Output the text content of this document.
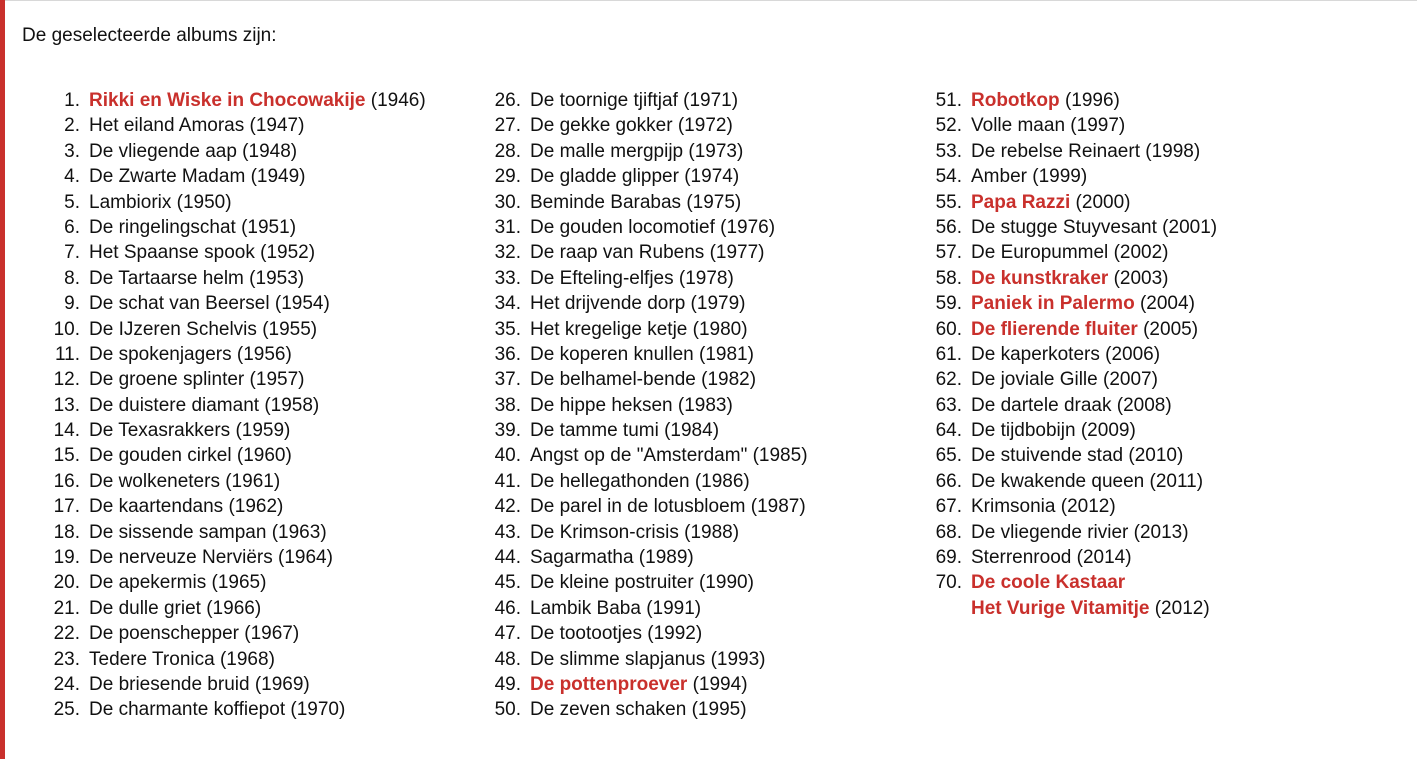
De geselecteerde albums zijn:
1. Rikki en Wiske in Chocowakije
(1946)
2. Het eiland Amoras
(1947)
3. De vliegende aap
(1948)
4. De Zwarte Madam
(1949)
5. Lambiorix
(1950)
6. De ringelingschat
(1951)
7. Het Spaanse spook
(1952)
8. De Tartaarse helm
(1953)
9. De schat van Beersel
(1954)
10. De IJzeren Schelvis
(1955)
11. De spokenjagers
(1956)
12. De groene splinter
(1957)
13. De duistere diamant
(1958)
14. De Texasrakkers
(1959)
15. De gouden cirkel
(1960)
16. De wolkeneters
(1961)
17. De kaartendans
(1962)
18. De sissende sampan
(1963)
19. De nerveuze Nerviërs
(1964)
20. De apekermis
(1965)
21. De dulle griet
(1966)
22. De poenschepper
(1967)
23. Tedere Tronica
(1968)
24. De briesende bruid
(1969)
25. De charmante koffiepot
(1970)
26. De toornige tjiftjaf
(1971)
27. De gekke gokker
(1972)
28. De malle mergpijp
(1973)
29. De gladde glipper
(1974)
30. Beminde Barabas
(1975)
31. De gouden locomotief
(1976)
32. De raap van Rubens
(1977)
33. De Efteling-elfjes
(1978)
34. Het drijvende dorp
(1979)
35. Het kregelige ketje
(1980)
36. De koperen knullen
(1981)
37. De belhamel-bende
(1982)
38. De hippe heksen
(1983)
39. De tamme tumi
(1984)
40. Angst op de "Amsterdam"
(1985)
41. De hellegathonden
(1986)
42. De parel in de lotusbloem
(1987)
43. De Krimson-crisis
(1988)
44. Sagarmatha
(1989)
45. De kleine postruiter
(1990)
46. Lambik Baba
(1991)
47. De tootootjes
(1992)
48. De slimme slapjanus
(1993)
49. De pottenproever
(1994)
50. De zeven schaken
(1995)
51. Robotkop
(1996)
52. Volle maan
(1997)
53. De rebelse Reinaert
(1998)
54. Amber
(1999)
55. Papa Razzi
(2000)
56. De stugge Stuyvesant
(2001)
57. De Europummel
(2002)
58. De kunstkraker
(2003)
59. Paniek in Palermo
(2004)
60. De flierende fluiter
(2005)
61. De kaperkoters
(2006)
62. De joviale Gille
(2007)
63. De dartele draak
(2008)
64. De tijdbobijn
(2009)
65. De stuivende stad
(2010)
66. De kwakende queen
(2011)
67. Krimsonia
(2012)
68. De vliegende rivier
(2013)
69. Sterrenrood
(2014)
70. De coole Kastaar
Het Vurige Vitamitje
(2012)
